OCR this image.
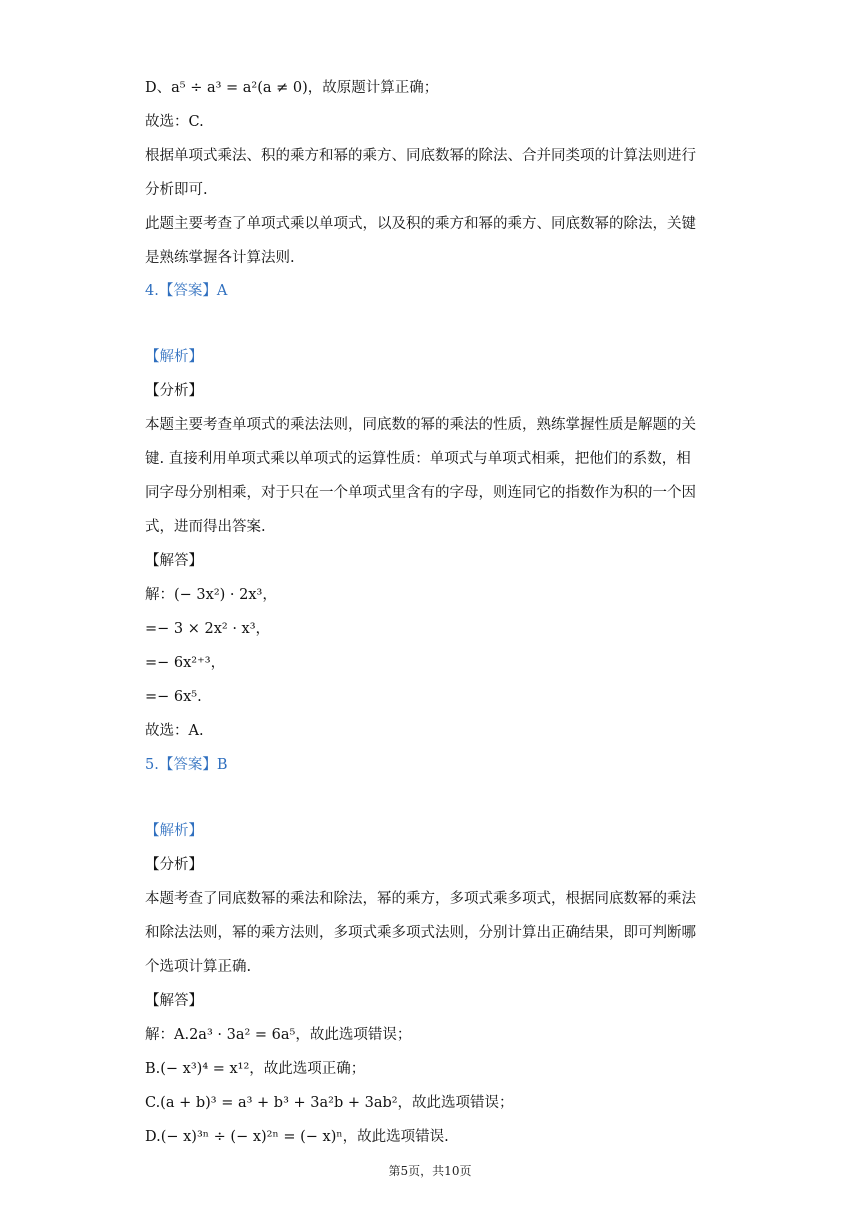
D、a⁵ ÷ a³ = a²(a ≠ 0)，故原题计算正确；
故选：C.
根据单项式乘法、积的乘方和幂的乘方、同底数幂的除法、合并同类项的计算法则进行
分析即可.
此题主要考查了单项式乘以单项式，以及积的乘方和幂的乘方、同底数幂的除法，关键
是熟练掌握各计算法则.
4.【答案】A
【解析】
【分析】
本题主要考查单项式的乘法法则，同底数的幂的乘法的性质，熟练掌握性质是解题的关
键. 直接利用单项式乘以单项式的运算性质：单项式与单项式相乘，把他们的系数，相
同字母分别相乘，对于只在一个单项式里含有的字母，则连同它的指数作为积的一个因
式，进而得出答案.
【解答】
解：(− 3x²) · 2x³，
=− 3 × 2x² · x³，
=− 6x²⁺³，
=− 6x⁵.
故选：A.
5.【答案】B
【解析】
【分析】
本题考查了同底数幂的乘法和除法，幂的乘方，多项式乘多项式，根据同底数幂的乘法
和除法法则，幂的乘方法则，多项式乘多项式法则，分别计算出正确结果，即可判断哪
个选项计算正确.
【解答】
解：A.2a³ · 3a² = 6a⁵，故此选项错误；
B.(− x³)⁴ = x¹²，故此选项正确；
C.(a + b)³ = a³ + b³ + 3a²b + 3ab²，故此选项错误；
D.(− x)³ⁿ ÷ (− x)²ⁿ = (− x)ⁿ，故此选项错误.
第5页，共10页
